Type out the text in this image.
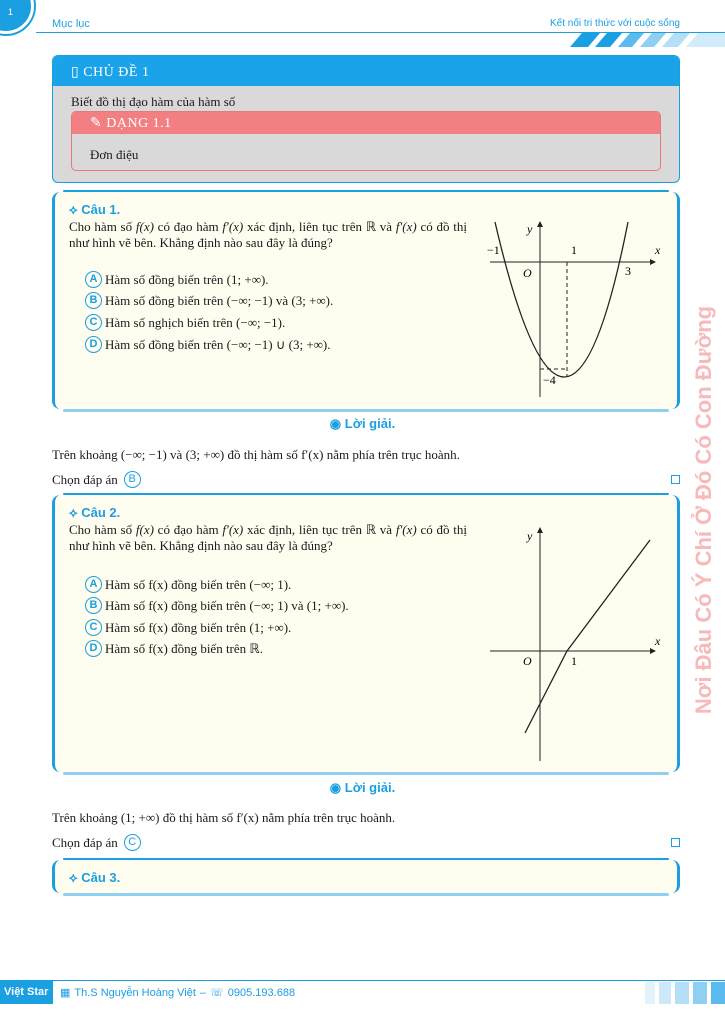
1
Mục lục	Kết nối tri thức với cuộc sống
▯ CHỦ ĐỀ 1
Biết đồ thị đạo hàm của hàm số
✎ DẠNG 1.1
Đơn điệu
⟡ Câu 1.
Cho hàm số f(x) có đạo hàm f′(x) xác định, liên tục trên ℝ và f′(x) có đồ thị như hình vẽ bên. Khẳng định nào sau đây là đúng?
A Hàm số đồng biến trên (1; +∞).
B Hàm số đồng biến trên (−∞; −1) và (3; +∞).
C Hàm số nghịch biến trên (−∞; −1).
D Hàm số đồng biến trên (−∞; −1) ∪ (3; +∞).
y
x
O
−1	1
3
−4
◉ Lời giải.
Trên khoảng (−∞; −1) và (3; +∞) đồ thị hàm số f′(x) nằm phía trên trục hoành.
Chọn đáp án B
⟡ Câu 2.
Cho hàm số f(x) có đạo hàm f′(x) xác định, liên tục trên ℝ và f′(x) có đồ thị như hình vẽ bên. Khẳng định nào sau đây là đúng?
A Hàm số f(x) đồng biến trên (−∞; 1).
B Hàm số f(x) đồng biến trên (−∞; 1) và (1; +∞).
C Hàm số f(x) đồng biến trên (1; +∞).
D Hàm số f(x) đồng biến trên ℝ.
y
x
O	1
◉ Lời giải.
Trên khoảng (1; +∞) đồ thị hàm số f′(x) nằm phía trên trục hoành.
Chọn đáp án C
⟡ Câu 3.
Nơi Đâu Có Ý Chí Ở Đó Có Con Đường
Việt Star	▦ Th.S Nguyễn Hoàng Việt – ☏ 0905.193.688
